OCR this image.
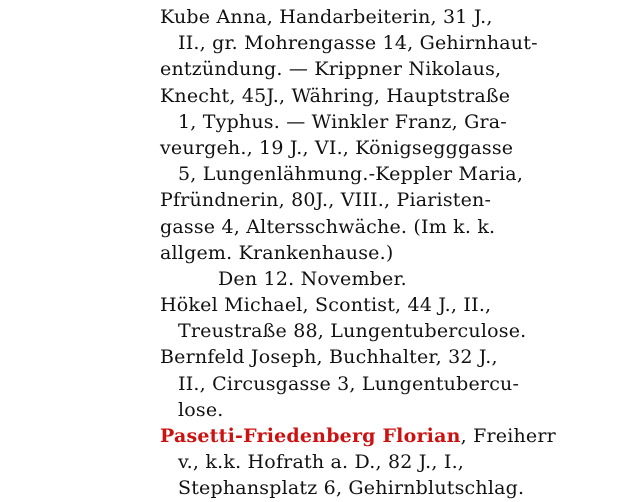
Kube Anna, Handarbeiterin, 31 J.,
II., gr. Mohrengasse 14, Gehirnhaut-
entzündung. — Krippner Nikolaus,
Knecht, 45J., Währing, Hauptstraße
1, Typhus. — Winkler Franz, Gra-
veurgeh., 19 J., VI., Königsegggasse
5, Lungenlähmung.-Keppler Maria,
Pfründnerin, 80J., VIII., Piaristen-
gasse 4, Altersschwäche. (Im k. k.
allgem. Krankenhause.)
Den 12. November.
Hökel Michael, Scontist, 44 J., II.,
Treustraße 88, Lungentuberculose.
Bernfeld Joseph, Buchhalter, 32 J.,
II., Circusgasse 3, Lungentubercu-
lose.
Pasetti-Friedenberg Florian, Freiherr
v., k.k. Hofrath a. D., 82 J., I.,
Stephansplatz 6, Gehirnblutschlag.
